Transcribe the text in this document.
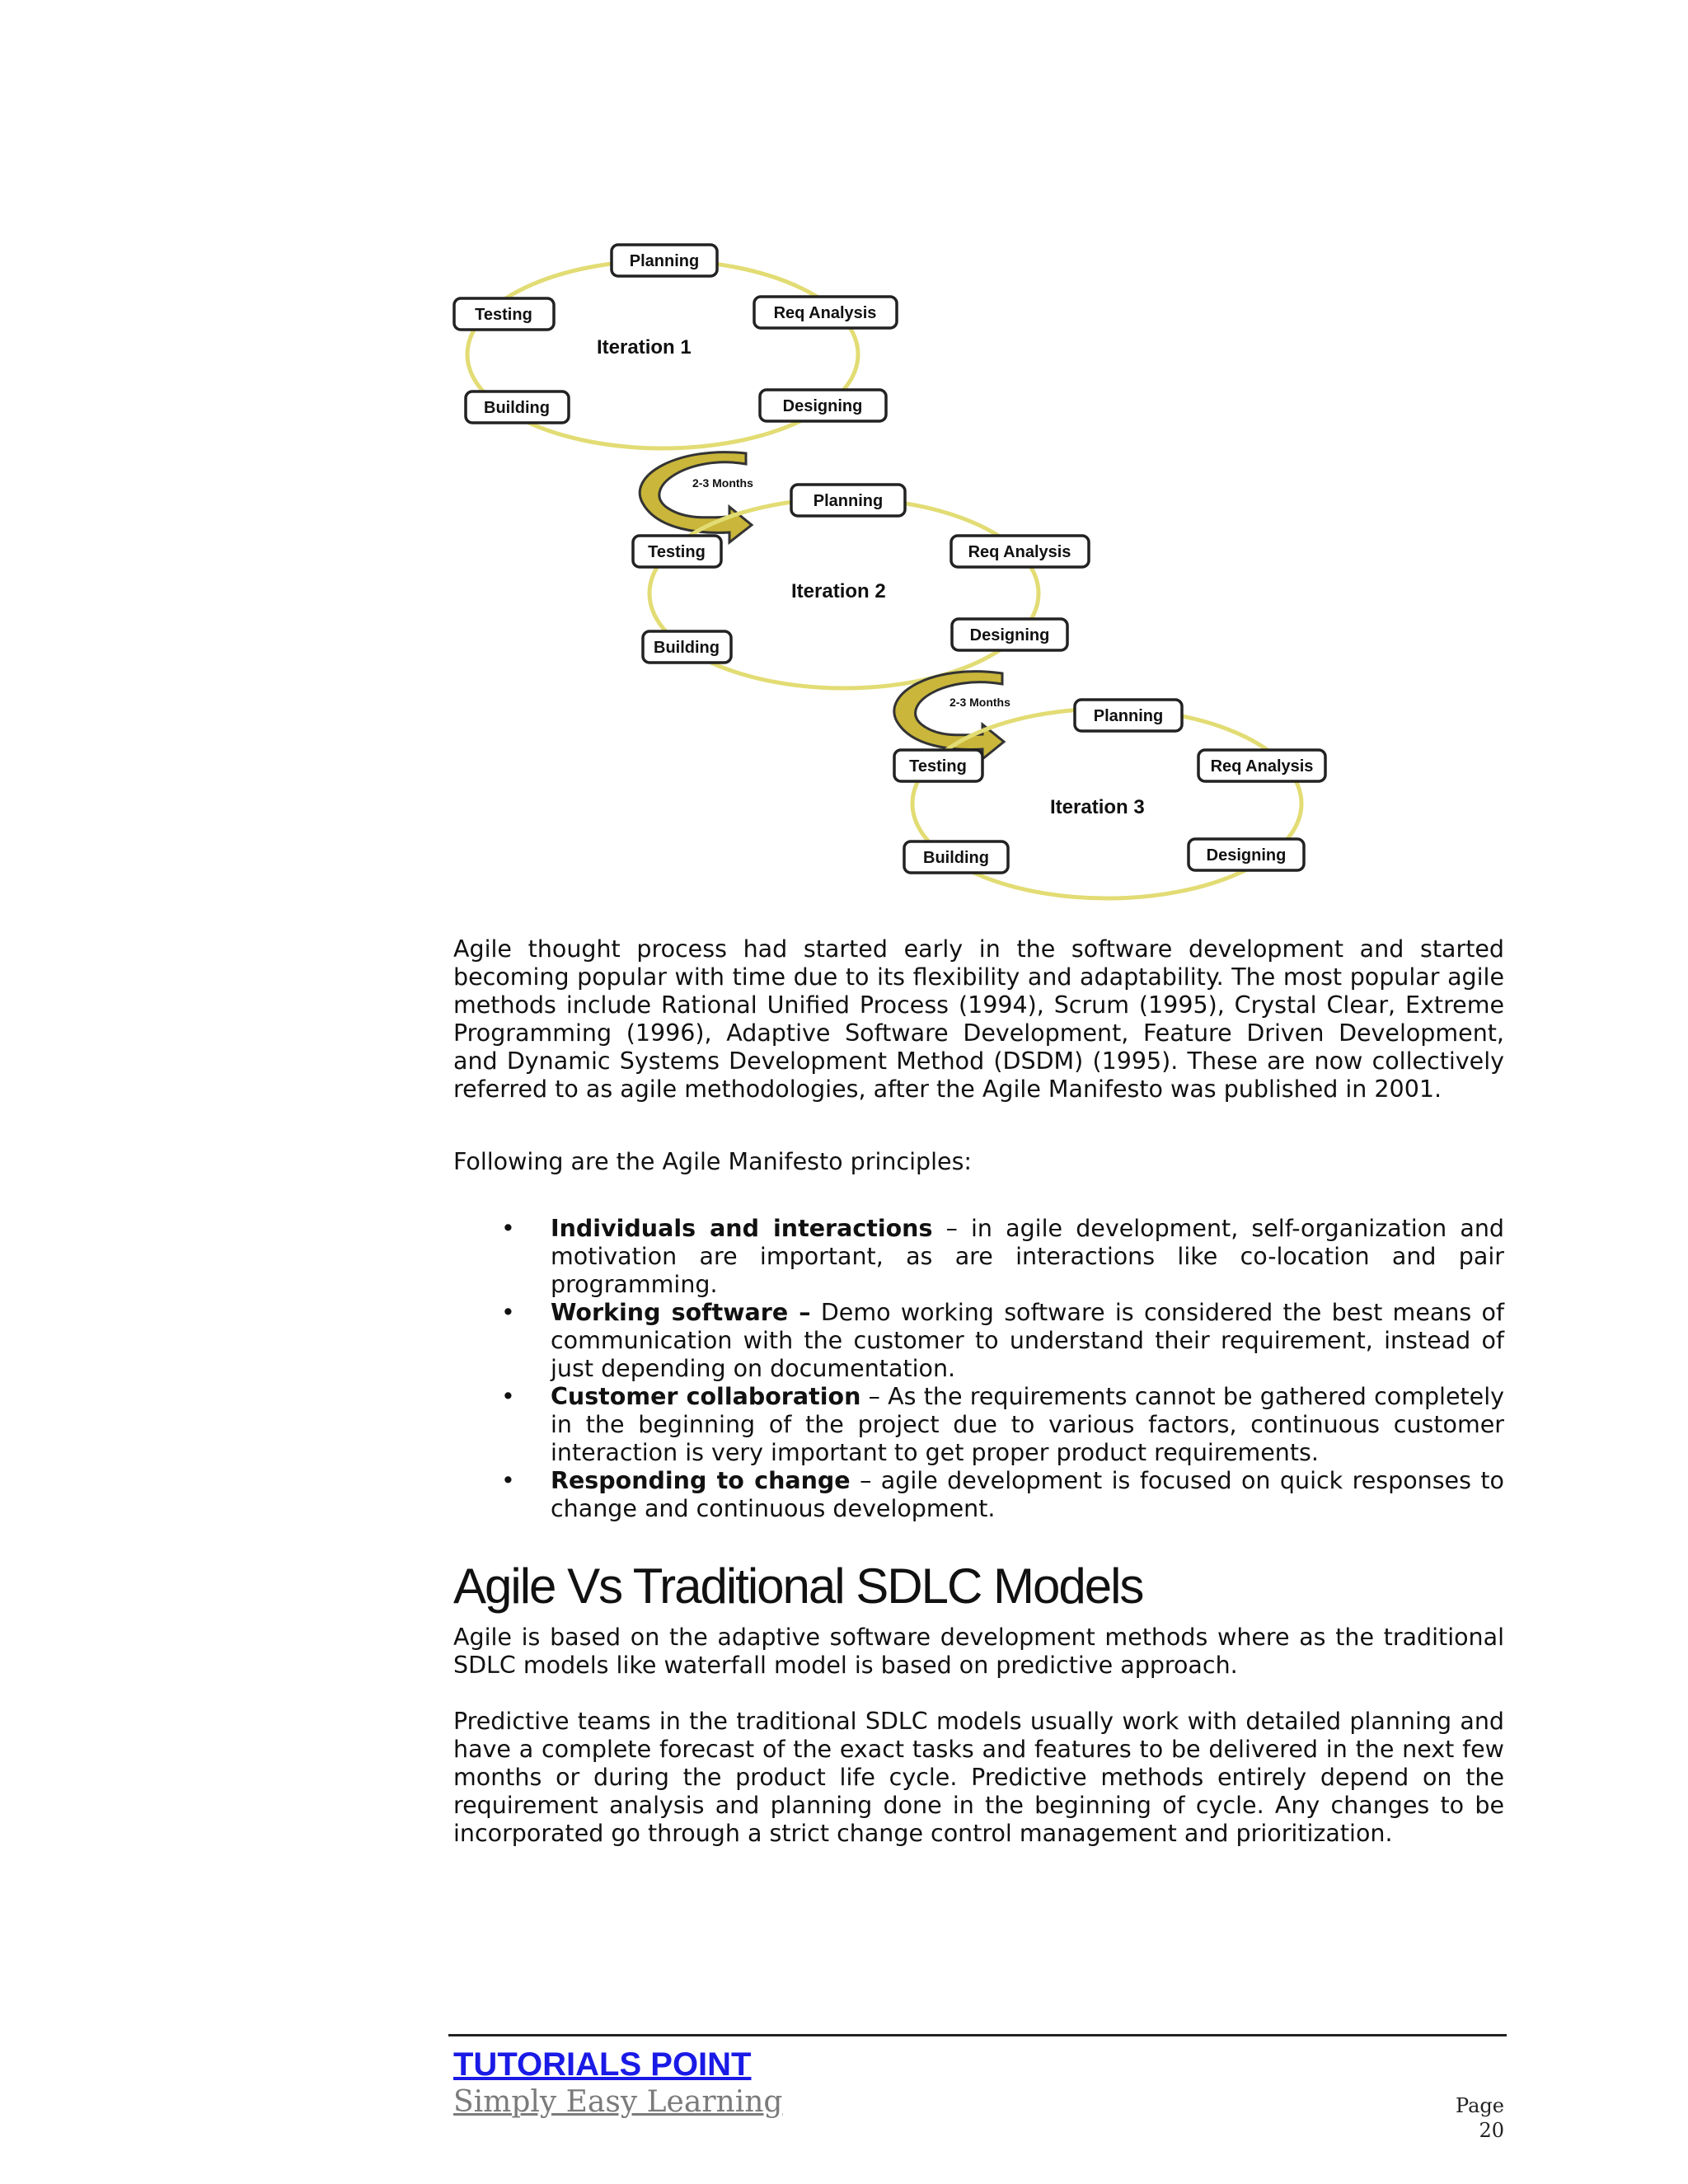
Iteration 1
Planning
Req Analysis
Designing
Building
Testing
2-3 Months
Iteration 2
Planning
Req Analysis
Designing
Building
Testing
2-3 Months
Iteration 3
Planning
Req Analysis
Designing
Building
Testing

Agile thought process had started early in the software development and started becoming popular with time due to its flexibility and adaptability. The most popular agile methods include Rational Unified Process (1994), Scrum (1995), Crystal Clear, Extreme Programming (1996), Adaptive Software Development, Feature Driven Development, and Dynamic Systems Development Method (DSDM) (1995). These are now collectively referred to as agile methodologies, after the Agile Manifesto was published in 2001.

Following are the Agile Manifesto principles:

• Individuals and interactions – in agile development, self-organization and motivation are important, as are interactions like co-location and pair programming.
• Working software – Demo working software is considered the best means of communication with the customer to understand their requirement, instead of just depending on documentation.
• Customer collaboration – As the requirements cannot be gathered completely in the beginning of the project due to various factors, continuous customer interaction is very important to get proper product requirements.
• Responding to change – agile development is focused on quick responses to change and continuous development.
Agile Vs Traditional SDLC Models

Agile is based on the adaptive software development methods where as the traditional SDLC models like waterfall model is based on predictive approach.

Predictive teams in the traditional SDLC models usually work with detailed planning and have a complete forecast of the exact tasks and features to be delivered in the next few months or during the product life cycle. Predictive methods entirely depend on the requirement analysis and planning done in the beginning of cycle. Any changes to be incorporated go through a strict change control management and prioritization.

TUTORIALS POINT

Simply Easy Learning	Page 20
